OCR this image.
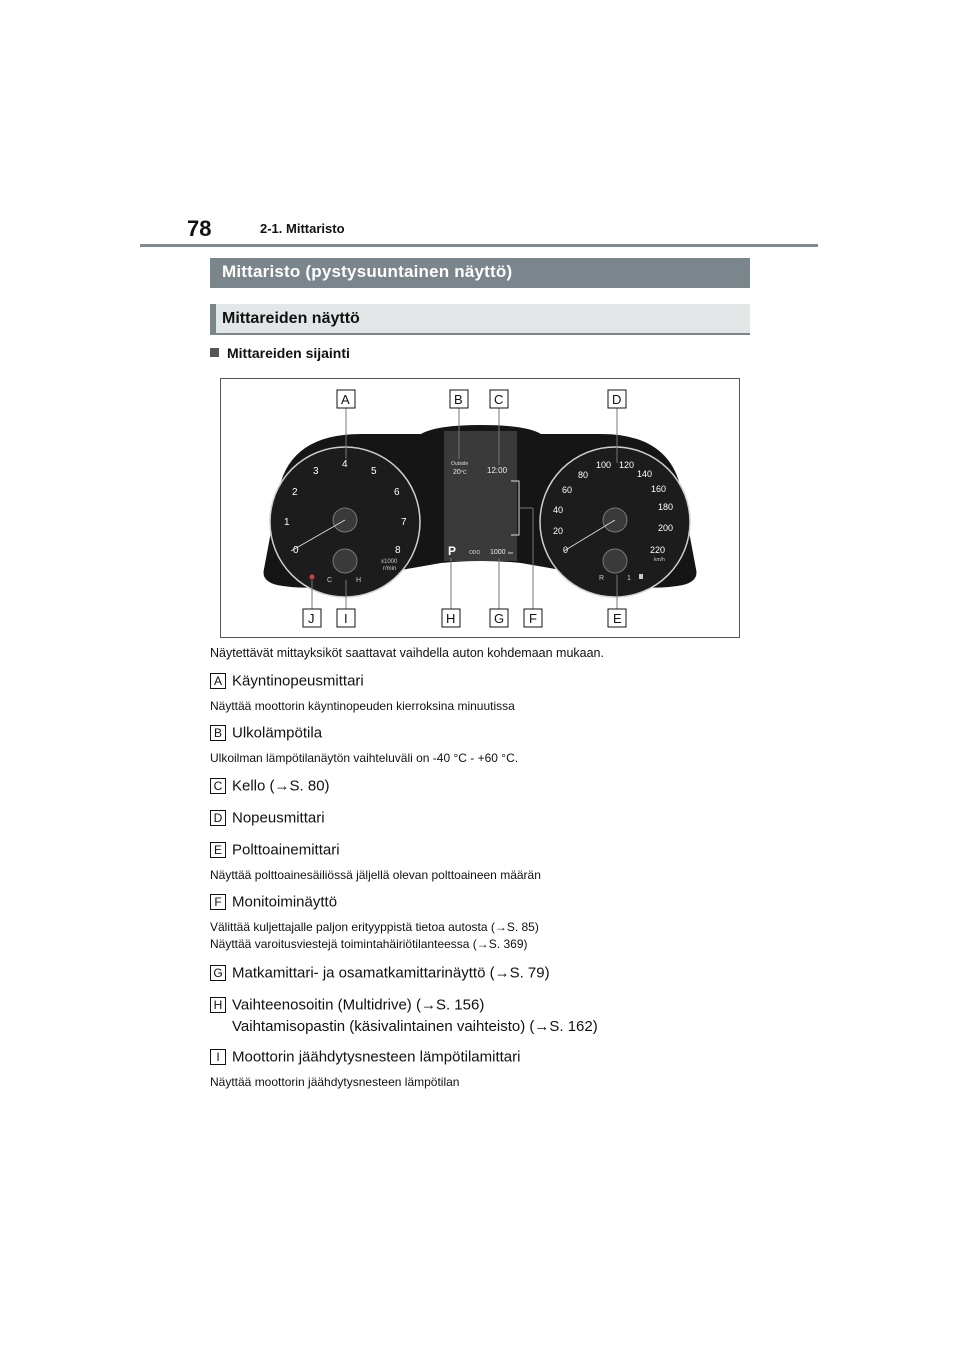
78	2-1. Mittaristo
Mittaristo (pystysuuntainen näyttö)
Mittareiden näyttö
Mittareiden sijainti
0
1
2
3
4
5
6
7
8
x1000
r/min
C	H
Outside
20 °C	12:00
P	ODO 1000 km	0
20
40
60
80
100 120
140
160
180
200
220
km/h
R	1
A	B C	D
J I	H	G F	E
Näytettävät mittayksiköt saattavat vaihdella auton kohdemaan mukaan.
A Käyntinopeusmittari
Näyttää moottorin käyntinopeuden kierroksina minuutissa
B Ulkolämpötila
Ulkoilman lämpötilanäytön vaihteluväli on -40 °C - +60 °C.
C Kello (→S. 80)
D Nopeusmittari
E Polttoainemittari
Näyttää polttoainesäiliössä jäljellä olevan polttoaineen määrän
F Monitoiminäyttö
Välittää kuljettajalle paljon erityyppistä tietoa autosta (→S. 85)
Näyttää varoitusviestejä toimintahäiriötilanteessa (→S. 369)
G Matkamittari- ja osamatkamittarinäyttö (→S. 79)
H Vaihteenosoitin (Multidrive) (→S. 156)
Vaihtamisopastin (käsivalintainen vaihteisto) (→S. 162)
I Moottorin jäähdytysnesteen lämpötilamittari
Näyttää moottorin jäähdytysnesteen lämpötilan
